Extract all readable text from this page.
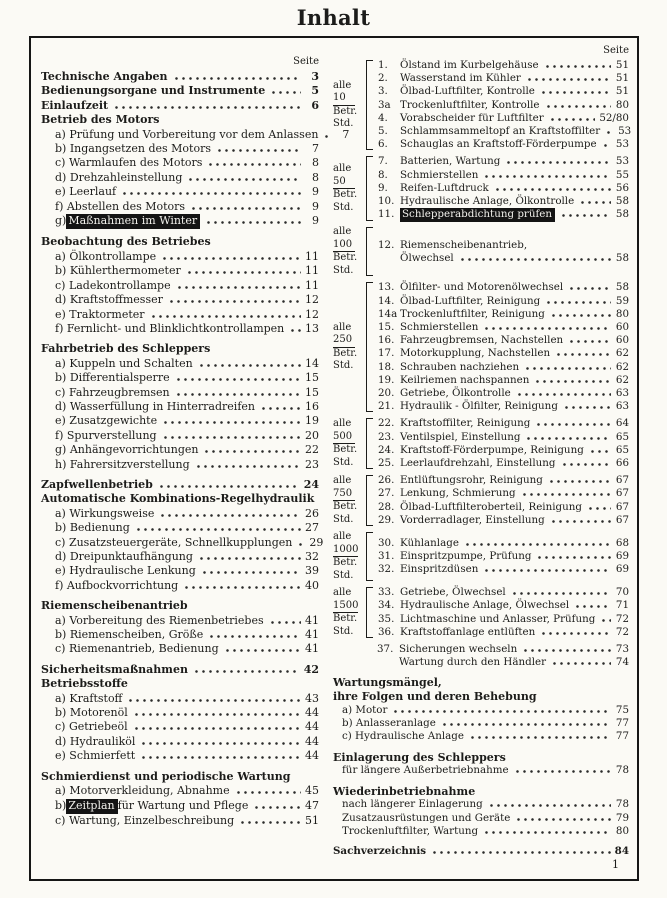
Inhalt
Seite
Technische Angaben	3
Bedienungsorgane und Instrumente	5
Einlaufzeit	6
Betrieb des Motors
a) Prüfung und Vorbereitung vor dem Anlassen	7
b) Ingangsetzen des Motors	7
c) Warmlaufen des Motors	8
d) Drehzahleinstellung	8
e) Leerlauf	9
f) Abstellen des Motors	9
g) Maßnahmen im Winter	9
Beobachtung des Betriebes
a) Ölkontrollampe	11
b) Kühlerthermometer	11
c) Ladekontrollampe	11
d) Kraftstoffmesser	12
e) Traktormeter	12
f) Fernlicht- und Blinklichtkontrollampen 13
Fahrbetrieb des Schleppers
a) Kuppeln und Schalten	14
b) Differentialsperre	15
c) Fahrzeugbremsen	15
d) Wasserfüllung in Hinterradreifen	16
e) Zusatzgewichte	19
f) Spurverstellung	20
g) Anhängevorrichtungen	22
h) Fahrersitzverstellung	23
Zapfwellenbetrieb	24
Automatische Kombinations-Regelhydraulik
a) Wirkungsweise	26
b) Bedienung	27
c) Zusatzsteuergeräte, Schnellkupplungen 29
d) Dreipunktaufhängung	32
e) Hydraulische Lenkung	39
f) Aufbockvorrichtung	40
Riemenscheibenantrieb
a) Vorbereitung des Riemenbetriebes	41
b) Riemenscheiben, Größe	41
c) Riemenantrieb, Bedienung	41
Sicherheitsmaßnahmen	42
Betriebsstoffe
a) Kraftstoff	43
b) Motorenöl	44
c) Getriebeöl	44
d) Hydrauliköl	44
e) Schmierfett	44
Schmierdienst und periodische Wartung
a) Motorverkleidung, Abnahme	45
b) Zeitplan für Wartung und Pflege	47
c) Wartung, Einzelbeschreibung	51
Seite
alle
10
Betr.
Std.
1.	Ölstand im Kurbelgehäuse	51
2.	Wasserstand im Kühler	51
3.	Ölbad-Luftfilter, Kontrolle	51
3a Trockenluftfilter, Kontrolle	80
4.	Vorabscheider für Luftfilter	52/80
5.	Schlammsammeltopf an Kraftstoffilter 53
6.	Schauglas an Kraftstoff-Förderpumpe 53
alle
50
Betr.
Std.
7.	Batterien, Wartung	53
8.	Schmierstellen	55
9.	Reifen-Luftdruck	56
10. Hydraulische Anlage, Ölkontrolle	58
11. Schlepperabdichtung prüfen	58
alle
100
Betr.
Std.
12. Riemenscheibenantrieb,
Ölwechsel	58
alle
250
Betr.
Std.
13. Ölfilter- und Motorenölwechsel	58
14. Ölbad-Luftfilter, Reinigung	59
14a Trockenluftfilter, Reinigung	80
15. Schmierstellen	60
16. Fahrzeugbremsen, Nachstellen	60
17. Motorkupplung, Nachstellen	62
18. Schrauben nachziehen	62
19. Keilriemen nachspannen	62
20. Getriebe, Ölkontrolle	63
21. Hydraulik - Ölfilter, Reinigung	63
alle
500
Betr.
Std.
22. Kraftstoffilter, Reinigung	64
23. Ventilspiel, Einstellung	65
24. Kraftstoff-Förderpumpe, Reinigung	65
25. Leerlaufdrehzahl, Einstellung	66
alle
750
Betr.
Std.
26. Entlüftungsrohr, Reinigung	67
27. Lenkung, Schmierung	67
28. Ölbad-Luftfilteroberteil, Reinigung	67
29. Vorderradlager, Einstellung	67
alle
1000
Betr.
Std.
30. Kühlanlage	68
31. Einspritzpumpe, Prüfung	69
32. Einspritzdüsen	69
alle
1500
Betr.
Std.
33. Getriebe, Ölwechsel	70
34. Hydraulische Anlage, Ölwechsel	71
35. Lichtmaschine und Anlasser, Prüfung 72
36. Kraftstoffanlage entlüften	72
37. Sicherungen wechseln	73
Wartung durch den Händler	74
Wartungsmängel,
ihre Folgen und deren Behebung
a) Motor	75
b) Anlasseranlage	77
c) Hydraulische Anlage	77
Einlagerung des Schleppers
für längere Außerbetriebnahme	78
Wiederinbetriebnahme
nach längerer Einlagerung	78
Zusatzausrüstungen und Geräte	79
Trockenluftfilter, Wartung	80
Sachverzeichnis	84
1
